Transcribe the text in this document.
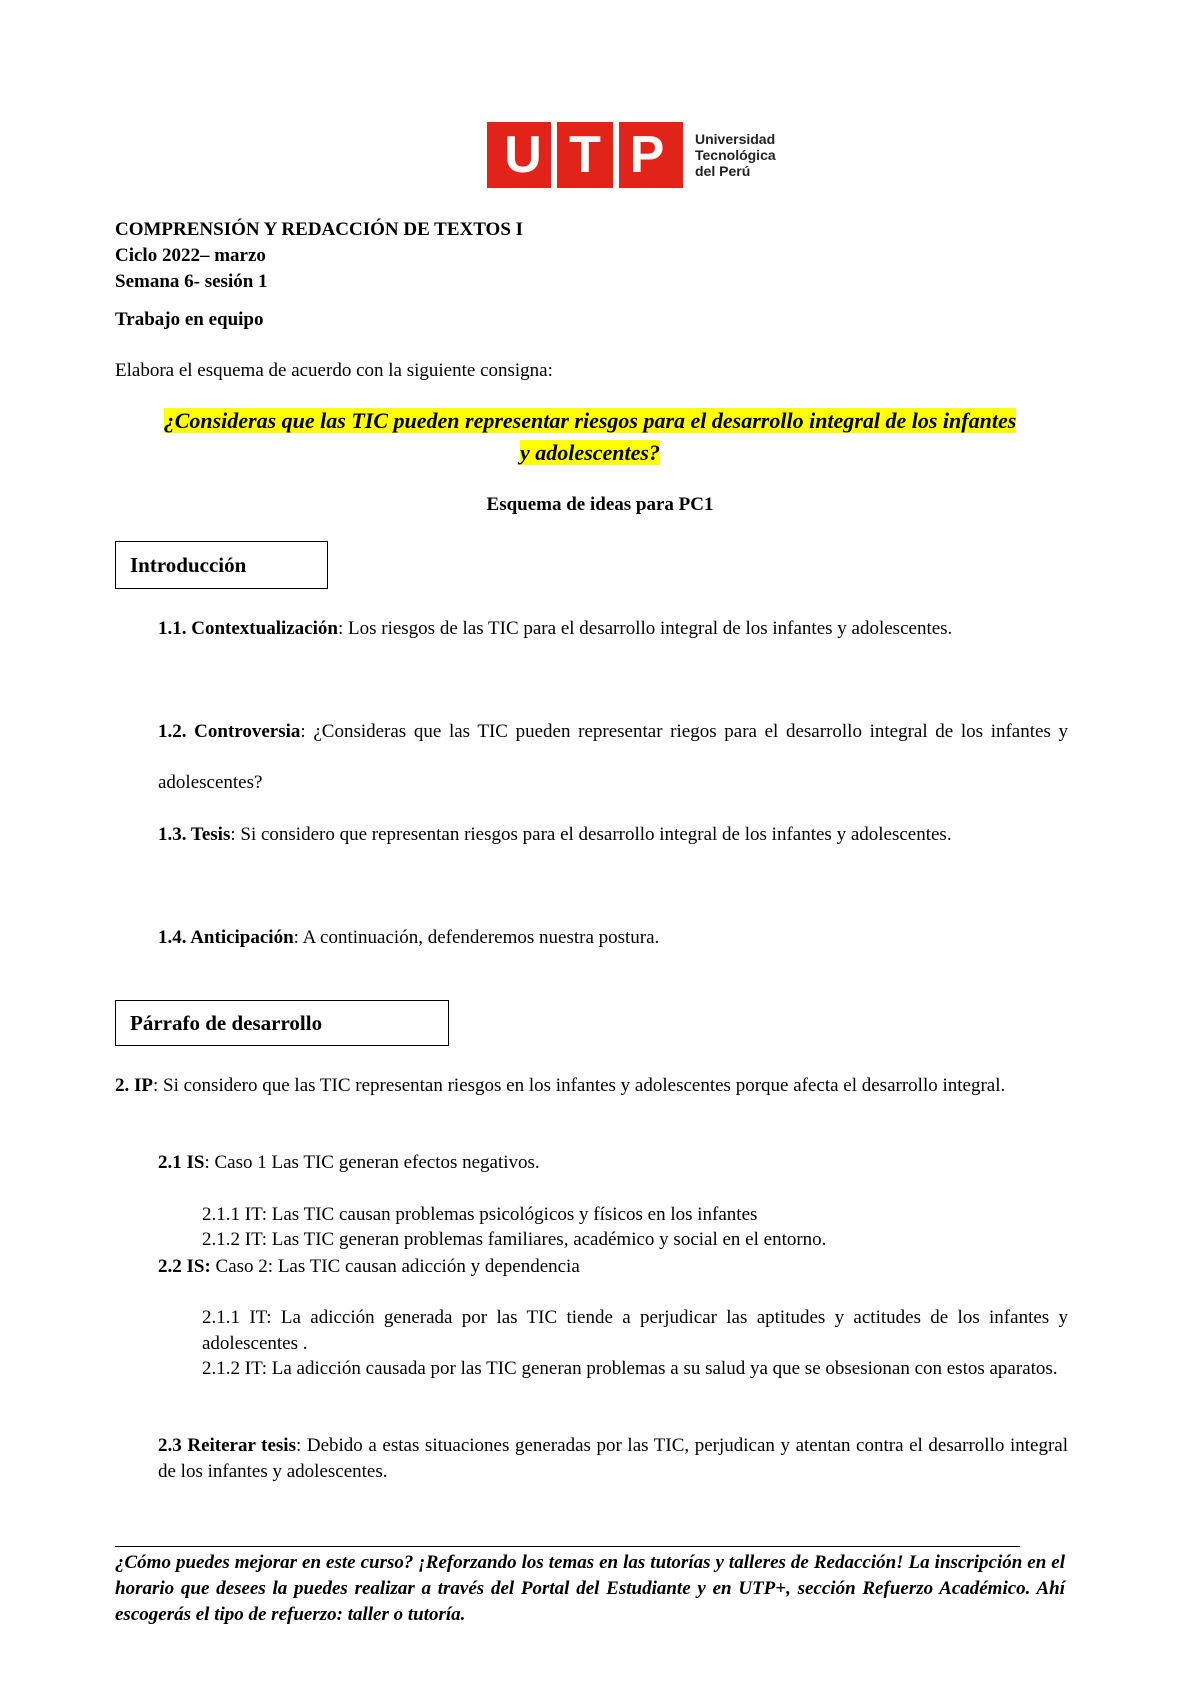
U T P	Universidad
Tecnológica
del Perú
COMPRENSIÓN Y REDACCIÓN DE TEXTOS I
Ciclo 2022– marzo
Semana 6- sesión 1
Trabajo en equipo
Elabora el esquema de acuerdo con la siguiente consigna:
¿Consideras que las TIC pueden representar riesgos para el desarrollo integral de los infantes
y adolescentes?
Esquema de ideas para PC1
Introducción
1.1. Contextualización: Los riesgos de las TIC para el desarrollo integral de los infantes y adolescentes.
1.2. Controversia: ¿Consideras que las TIC pueden representar riegos para el desarrollo integral de los infantes y adolescentes?
1.3. Tesis: Si considero que representan riesgos para el desarrollo integral de los infantes y adolescentes.
1.4. Anticipación: A continuación, defenderemos nuestra postura.
Párrafo de desarrollo
2. IP: Si considero que las TIC representan riesgos en los infantes y adolescentes porque afecta el desarrollo integral.
2.1 IS: Caso 1 Las TIC generan efectos negativos.
2.1.1 IT: Las TIC causan problemas psicológicos y físicos en los infantes
2.1.2 IT: Las TIC generan problemas familiares, académico y social en el entorno.
2.2 IS: Caso 2: Las TIC causan adicción y dependencia
2.1.1 IT: La adicción generada por las TIC tiende a perjudicar las aptitudes y actitudes de los infantes y adolescentes .
2.1.2 IT: La adicción causada por las TIC generan problemas a su salud ya que se obsesionan con estos aparatos.
2.3 Reiterar tesis: Debido a estas situaciones generadas por las TIC, perjudican y atentan contra el desarrollo integral de los infantes y adolescentes.
¿Cómo puedes mejorar en este curso? ¡Reforzando los temas en las tutorías y talleres de Redacción! La inscripción en el horario que desees la puedes realizar a través del Portal del Estudiante y en UTP+, sección Refuerzo Académico. Ahí escogerás el tipo de refuerzo: taller o tutoría.
